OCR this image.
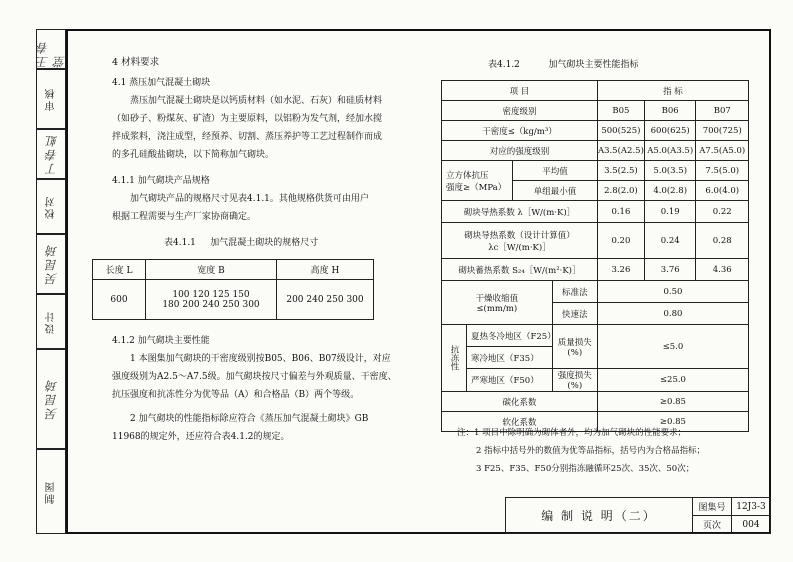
王春堂
审核
丁春虹
校对
吴昆琦
设计
吴昆琦
制图
4 材料要求
4.1 蒸压加气混凝土砌块
蒸压加气混凝土砌块是以钙质材料（如水泥、石灰）和硅质材料
（如砂子、粉煤灰、矿渣）为主要原料，以铝粉为发气剂，经加水搅
拌成浆料，浇注成型，经预养、切割、蒸压养护等工艺过程制作而成
的多孔硅酸盐砌块，以下简称加气砌块。
4.1.1 加气砌块产品规格
加气砌块产品的规格尺寸见表4.1.1。其他规格供货可由用户
根据工程需要与生产厂家协商确定。
表4.1.1 加气混凝土砌块的规格尺寸
长度 L	宽度 B	高度 H
600	100 120 125 150
180 200 240 250 300	200 240 250 300
4.1.2 加气砌块主要性能
1 本图集加气砌块的干密度级别按B05、B06、B07级设计，对应
强度级别为A2.5～A7.5级。加气砌块按尺寸偏差与外观质量、干密度、
抗压强度和抗冻性分为优等品（A）和合格品（B）两个等级。
2 加气砌块的性能指标除应符合《蒸压加气混凝土砌块》GB
11968的规定外，还应符合表4.1.2的规定。
表4.1.2	加气砌块主要性能指标
项 目				指 标		
密度级别				B05	B06	B07
干密度≤（kg/m³）				500(525)	600(625)	700(725)
对应的强度级别				A3.5(A2.5)	A5.0(A3.5)	A7.5(A5.0)

立方体抗压
强度≥（MPa）		平均值		3.5(2.5)	5.0(3.5)	7.5(5.0)
		单组最小值		2.8(2.0)	4.0(2.8)	6.0(4.0)
砌块导热系数 λ［W/(m·K)］				0.16	0.19	0.22

砌块导热系数（设计计算值）
λc［W/(m·K)］				0.20	0.24	0.28
砌块蓄热系数 S₂₄［W/(m²·K)］				3.26	3.76	4.36

干燥收缩值
≤(mm/m)			标准法	0.50		
			快速法	0.80		
抗冻性	夏热冬冷地区（F25）		质量损失(%)	≤5.0		
	寒冷地区（F35）					
	严寒地区（F50）		强度损失(%)	≤25.0		
碳化系数				≥0.85		
软化系数				≥0.85		
注：1 项目中除明确为砌体者外，均为加气砌块的性能要求；
2 指标中括号外的数值为优等品指标，括号内为合格品指标；
3 F25、F35、F50分别指冻融循环25次、35次、50次；
编 制 说 明（二）	图集号	12J3-3
	页次	004
